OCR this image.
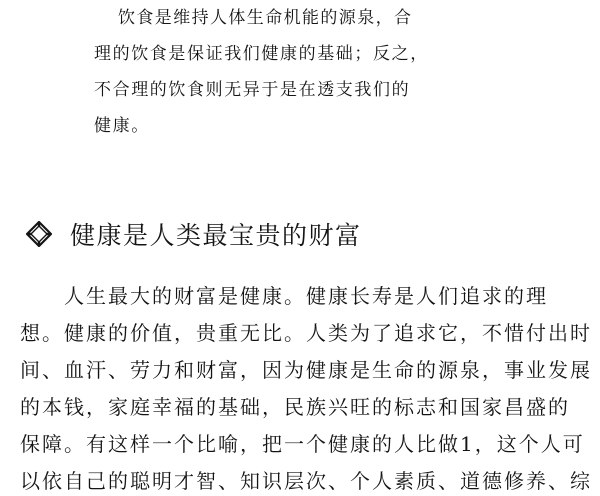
饮食是维持人体生命机能的源泉，合
理的饮食是保证我们健康的基础；反之，
不合理的饮食则无异于是在透支我们的
健康。
健康是人类最宝贵的财富
人生最大的财富是健康。健康长寿是人们追求的理
想。健康的价值，贵重无比。人类为了追求它，不惜付出时
间、血汗、劳力和财富，因为健康是生命的源泉，事业发展
的本钱，家庭幸福的基础，民族兴旺的标志和国家昌盛的
保障。有这样一个比喻，把一个健康的人比做1，这个人可
以依自己的聪明才智、知识层次、个人素质、道德修养、综
